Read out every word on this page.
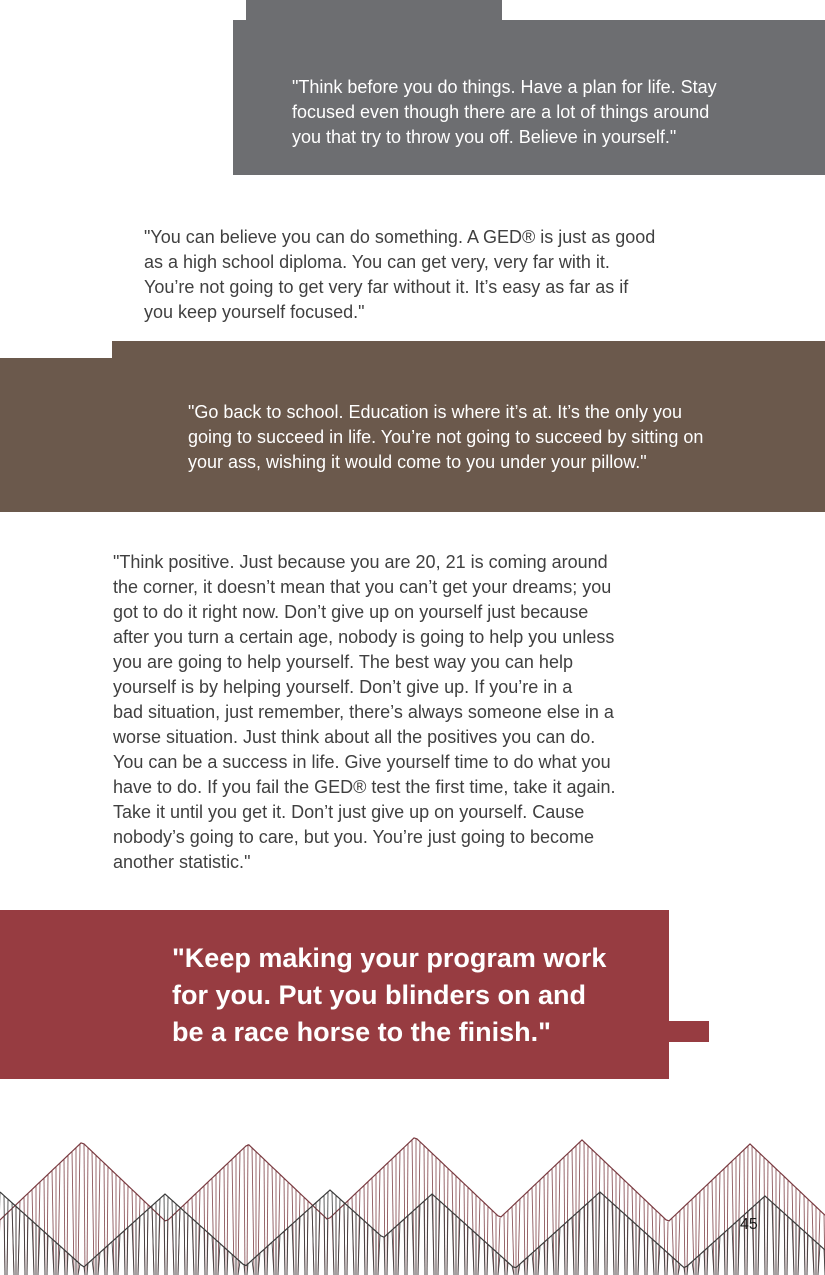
"Think before you do things. Have a plan for life. Stay
focused even though there are a lot of things around
you that try to throw you off. Believe in yourself."

"You can believe you can do something. A GED® is just as good
as a high school diploma. You can get very, very far with it.
You’re not going to get very far without it. It’s easy as far as if
you keep yourself focused."

"Go back to school. Education is where it’s at. It’s the only you
going to succeed in life. You’re not going to succeed by sitting on
your ass, wishing it would come to you under your pillow."

"Think positive. Just because you are 20, 21 is coming around
the corner, it doesn’t mean that you can’t get your dreams; you
got to do it right now. Don’t give up on yourself just because
after you turn a certain age, nobody is going to help you unless
you are going to help yourself. The best way you can help
yourself is by helping yourself. Don’t give up. If you’re in a
bad situation, just remember, there’s always someone else in a
worse situation. Just think about all the positives you can do.
You can be a success in life. Give yourself time to do what you
have to do. If you fail the GED® test the first time, take it again.
Take it until you get it. Don’t just give up on yourself. Cause
nobody’s going to care, but you. You’re just going to become
another statistic."

"Keep making your program work
for you. Put you blinders on and
be a race horse to the finish."

45
